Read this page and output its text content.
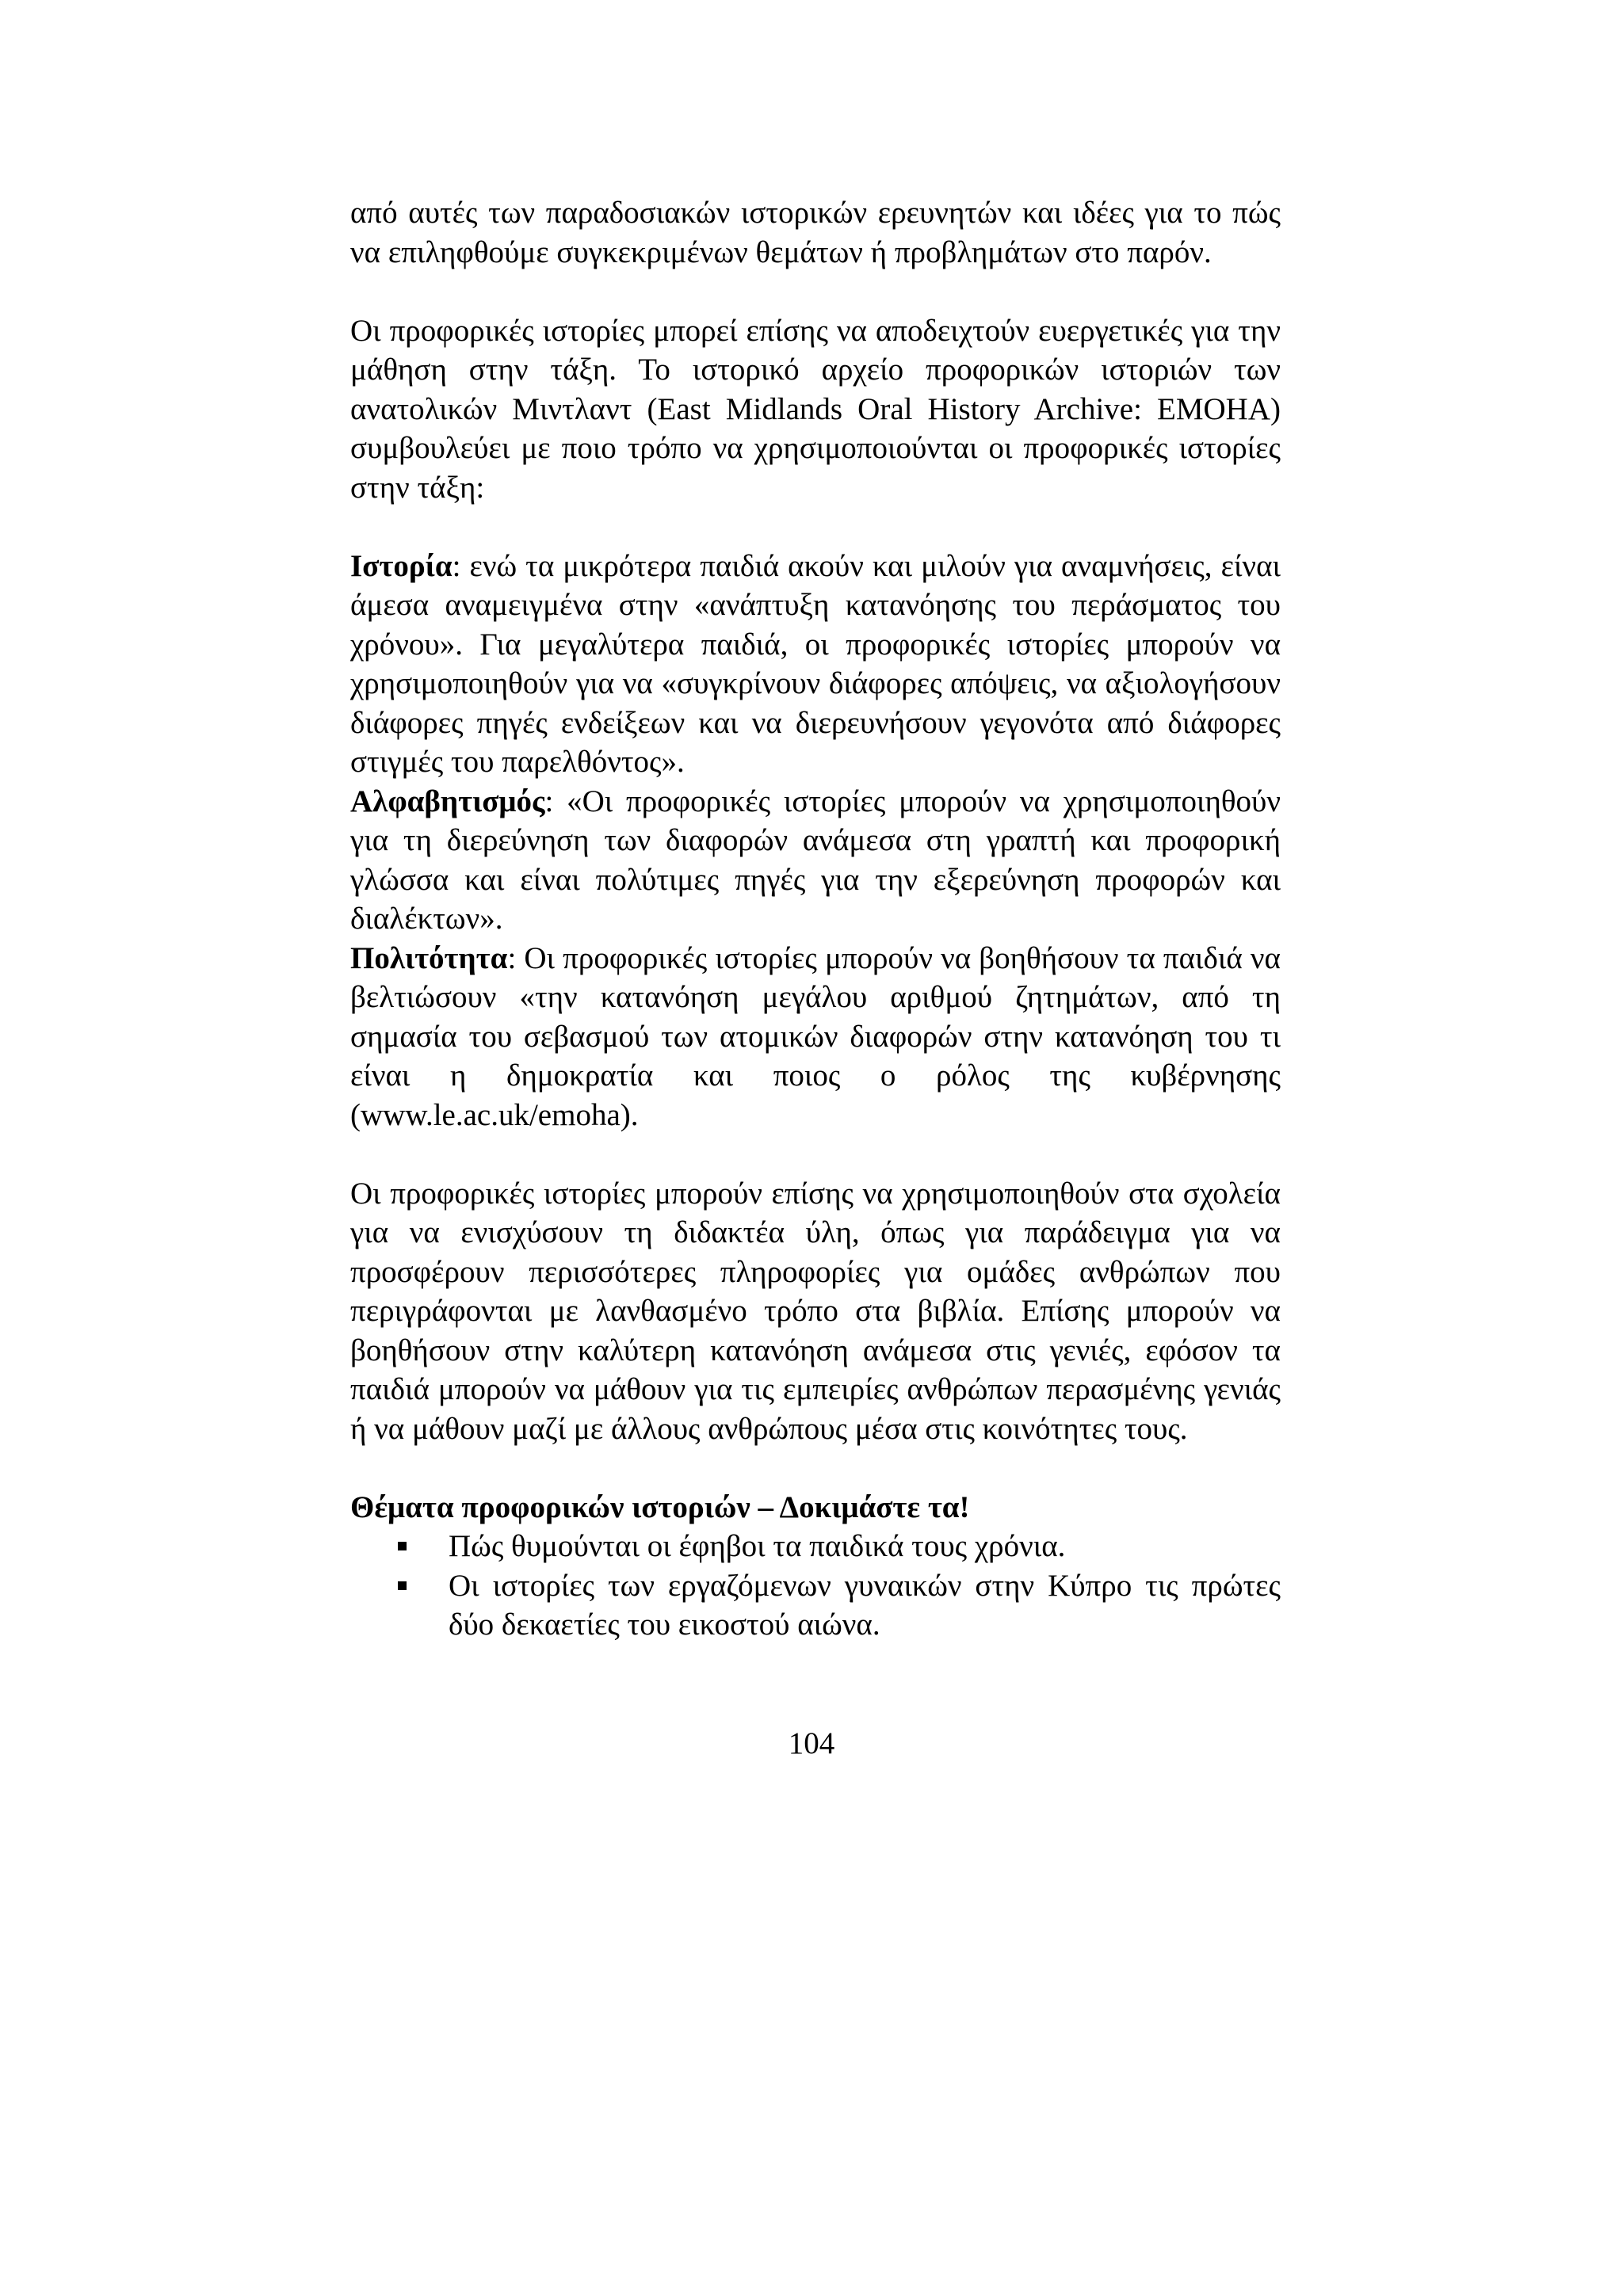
από αυτές των παραδοσιακών ιστορικών ερευνητών και ιδέες για το πώς να επιληφθούμε συγκεκριμένων θεμάτων ή προβλημάτων στο παρόν.

Οι προφορικές ιστορίες μπορεί επίσης να αποδειχτούν ευεργετικές για την μάθηση στην τάξη. Το ιστορικό αρχείο προφορικών ιστοριών των ανατολικών Μιντλαντ (East Midlands Oral History Archive: EMOHA) συμβουλεύει με ποιο τρόπο να χρησιμοποιούνται οι προφορικές ιστορίες στην τάξη:

Ιστορία: ενώ τα μικρότερα παιδιά ακούν και μιλούν για αναμνήσεις, είναι άμεσα αναμειγμένα στην «ανάπτυξη κατανόησης του περάσματος του χρόνου». Για μεγαλύτερα παιδιά, οι προφορικές ιστορίες μπορούν να χρησιμοποιηθούν για να «συγκρίνουν διάφορες απόψεις, να αξιολογήσουν διάφορες πηγές ενδείξεων και να διερευνήσουν γεγονότα από διάφορες στιγμές του παρελθόντος».

Αλφαβητισμός: «Οι προφορικές ιστορίες μπορούν να χρησιμοποιηθούν για τη διερεύνηση των διαφορών ανάμεσα στη γραπτή και προφορική γλώσσα και είναι πολύτιμες πηγές για την εξερεύνηση προφορών και διαλέκτων».

Πολιτότητα: Οι προφορικές ιστορίες μπορούν να βοηθήσουν τα παιδιά να βελτιώσουν «την κατανόηση μεγάλου αριθμού ζητημάτων, από τη σημασία του σεβασμού των ατομικών διαφορών στην κατανόηση του τι είναι η δημοκρατία και ποιος ο ρόλος της κυβέρνησης (www.le.ac.uk/emoha).

Οι προφορικές ιστορίες μπορούν επίσης να χρησιμοποιηθούν στα σχολεία για να ενισχύσουν τη διδακτέα ύλη, όπως για παράδειγμα για να προσφέρουν περισσότερες πληροφορίες για ομάδες ανθρώπων που περιγράφονται με λανθασμένο τρόπο στα βιβλία. Επίσης μπορούν να βοηθήσουν στην καλύτερη κατανόηση ανάμεσα στις γενιές, εφόσον τα παιδιά μπορούν να μάθουν για τις εμπειρίες ανθρώπων περασμένης γενιάς ή να μάθουν μαζί με άλλους ανθρώπους μέσα στις κοινότητες τους.

Θέματα προφορικών ιστοριών – Δοκιμάστε τα!

Πώς θυμούνται οι έφηβοι τα παιδικά τους χρόνια.
Οι ιστορίες των εργαζόμενων γυναικών στην Κύπρο τις πρώτες δύο δεκαετίες του εικοστού αιώνα.
104
